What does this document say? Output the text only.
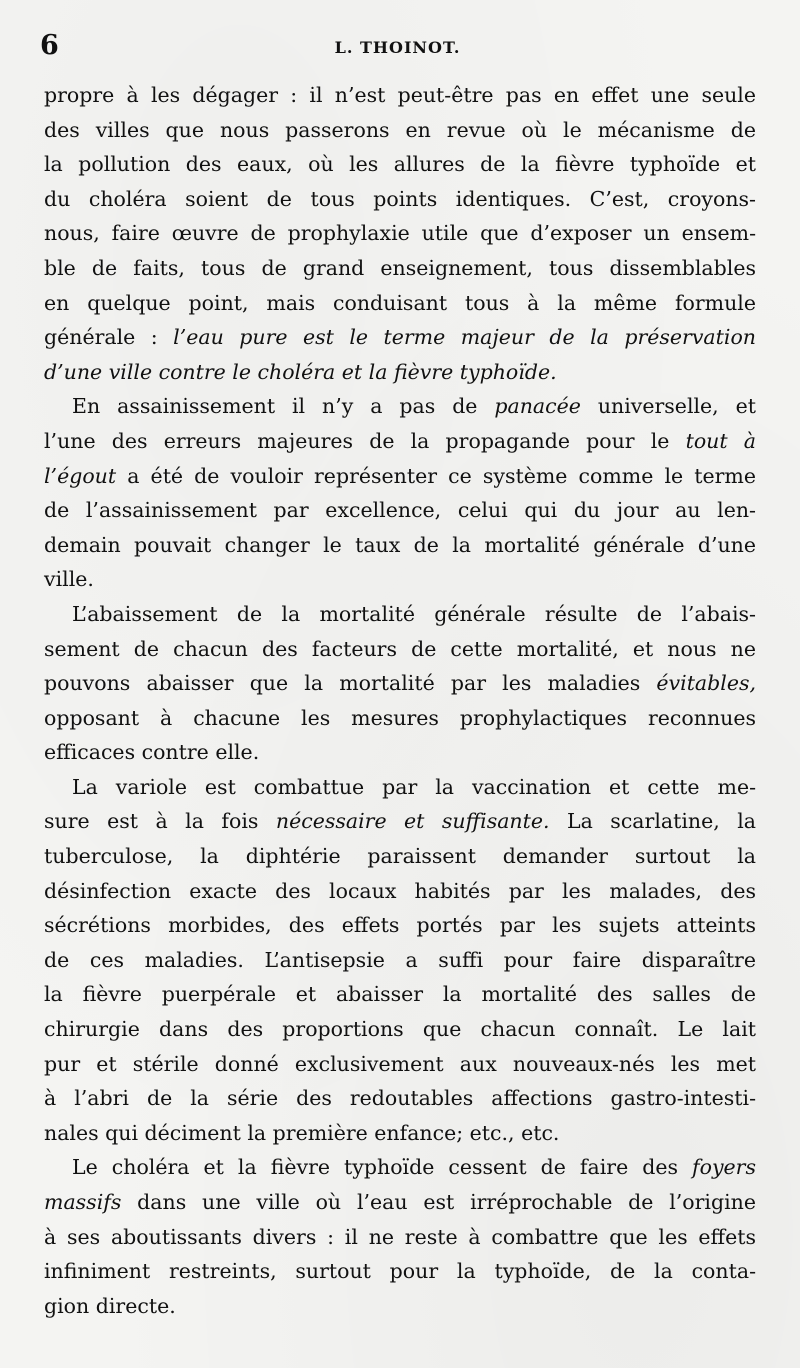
6	L. THOINOT.
propre à les dégager : il n’est peut-être pas en effet une seule
des villes que nous passerons en revue où le mécanisme de
la pollution des eaux, où les allures de la fièvre typhoïde et
du choléra soient de tous points identiques. C’est, croyons-
nous, faire œuvre de prophylaxie utile que d’exposer un ensem-
ble de faits, tous de grand enseignement, tous dissemblables
en quelque point, mais conduisant tous à la même formule
générale : l’eau pure est le terme majeur de la préservation
d’une ville contre le choléra et la fièvre typhoïde.
En assainissement il n’y a pas de panacée universelle, et
l’une des erreurs majeures de la propagande pour le tout à
l’égout a été de vouloir représenter ce système comme le terme
de l’assainissement par excellence, celui qui du jour au len-
demain pouvait changer le taux de la mortalité générale d’une
ville.
L’abaissement de la mortalité générale résulte de l’abais-
sement de chacun des facteurs de cette mortalité, et nous ne
pouvons abaisser que la mortalité par les maladies évitables,
opposant à chacune les mesures prophylactiques reconnues
efficaces contre elle.
La variole est combattue par la vaccination et cette me-
sure est à la fois nécessaire et suffisante. La scarlatine, la
tuberculose, la diphtérie paraissent demander surtout la
désinfection exacte des locaux habités par les malades, des
sécrétions morbides, des effets portés par les sujets atteints
de ces maladies. L’antisepsie a suffi pour faire disparaître
la fièvre puerpérale et abaisser la mortalité des salles de
chirurgie dans des proportions que chacun connaît. Le lait
pur et stérile donné exclusivement aux nouveaux-nés les met
à l’abri de la série des redoutables affections gastro-intesti-
nales qui déciment la première enfance; etc., etc.
Le choléra et la fièvre typhoïde cessent de faire des foyers
massifs dans une ville où l’eau est irréprochable de l’origine
à ses aboutissants divers : il ne reste à combattre que les effets
infiniment restreints, surtout pour la typhoïde, de la conta-
gion directe.
